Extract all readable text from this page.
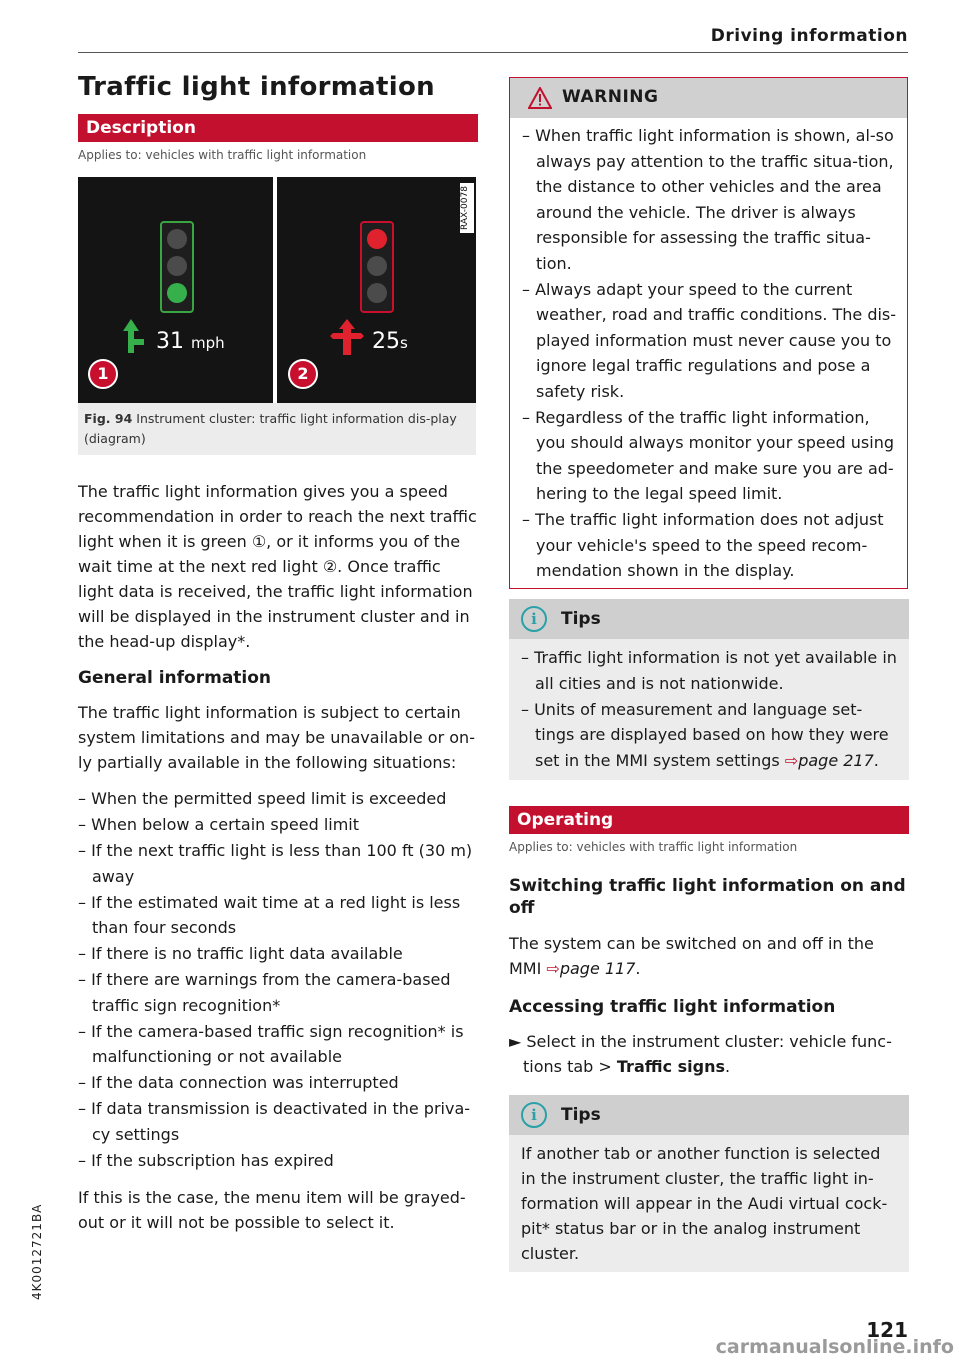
Driving information
4K0012721BA
Traffic light information
Description
Applies to: vehicles with traffic light information
RAX-0078
31 mph
1
25s
2
Fig. 94 Instrument cluster: traffic light information dis-play (diagram)

The traffic light information gives you a speed
recommendation in order to reach the next traffic
light when it is green ①, or it informs you of the
wait time at the next red light ②. Once traffic
light data is received, the traffic light information
will be displayed in the instrument cluster and in
the head-up display*.

General information

The traffic light information is subject to certain
system limitations and may be unavailable or on-
ly partially available in the following situations:

– When the permitted speed limit is exceeded
– When below a certain speed limit
– If the next traffic light is less than 100 ft (30 m) away
– If the estimated wait time at a red light is less than four seconds
– If there is no traffic light data available
– If there are warnings from the camera-based traffic sign recognition*
– If the camera-based traffic sign recognition* is malfunctioning or not available
– If the data connection was interrupted
– If data transmission is deactivated in the priva-cy settings
– If the subscription has expired

If this is the case, the menu item will be grayed-
out or it will not be possible to select it.

WARNING
– When traffic light information is shown, al-so always pay attention to the traffic situa-tion, the distance to other vehicles and the area around the vehicle. The driver is always responsible for assessing the traffic situa-tion.
– Always adapt your speed to the current weather, road and traffic conditions. The dis-played information must never cause you to ignore legal traffic regulations and pose a safety risk.
– Regardless of the traffic light information, you should always monitor your speed using the speedometer and make sure you are ad-hering to the legal speed limit.
– The traffic light information does not adjust your vehicle's speed to the speed recom-mendation shown in the display.
i	Tips
– Traffic light information is not yet available in all cities and is not nationwide.
– Units of measurement and language set-tings are displayed based on how they were set in the MMI system settings ⇨page 217.
Operating
Applies to: vehicles with traffic light information
Switching traffic light information on and off

The system can be switched on and off in the MMI ⇨page 117.

Accessing traffic light information

► Select in the instrument cluster: vehicle func-tions tab > Traffic signs.

i	Tips

If another tab or another function is selected in the instrument cluster, the traffic light in-formation will appear in the Audi virtual cock-pit* status bar or in the analog instrument cluster.

121
carmanualsonline.info
